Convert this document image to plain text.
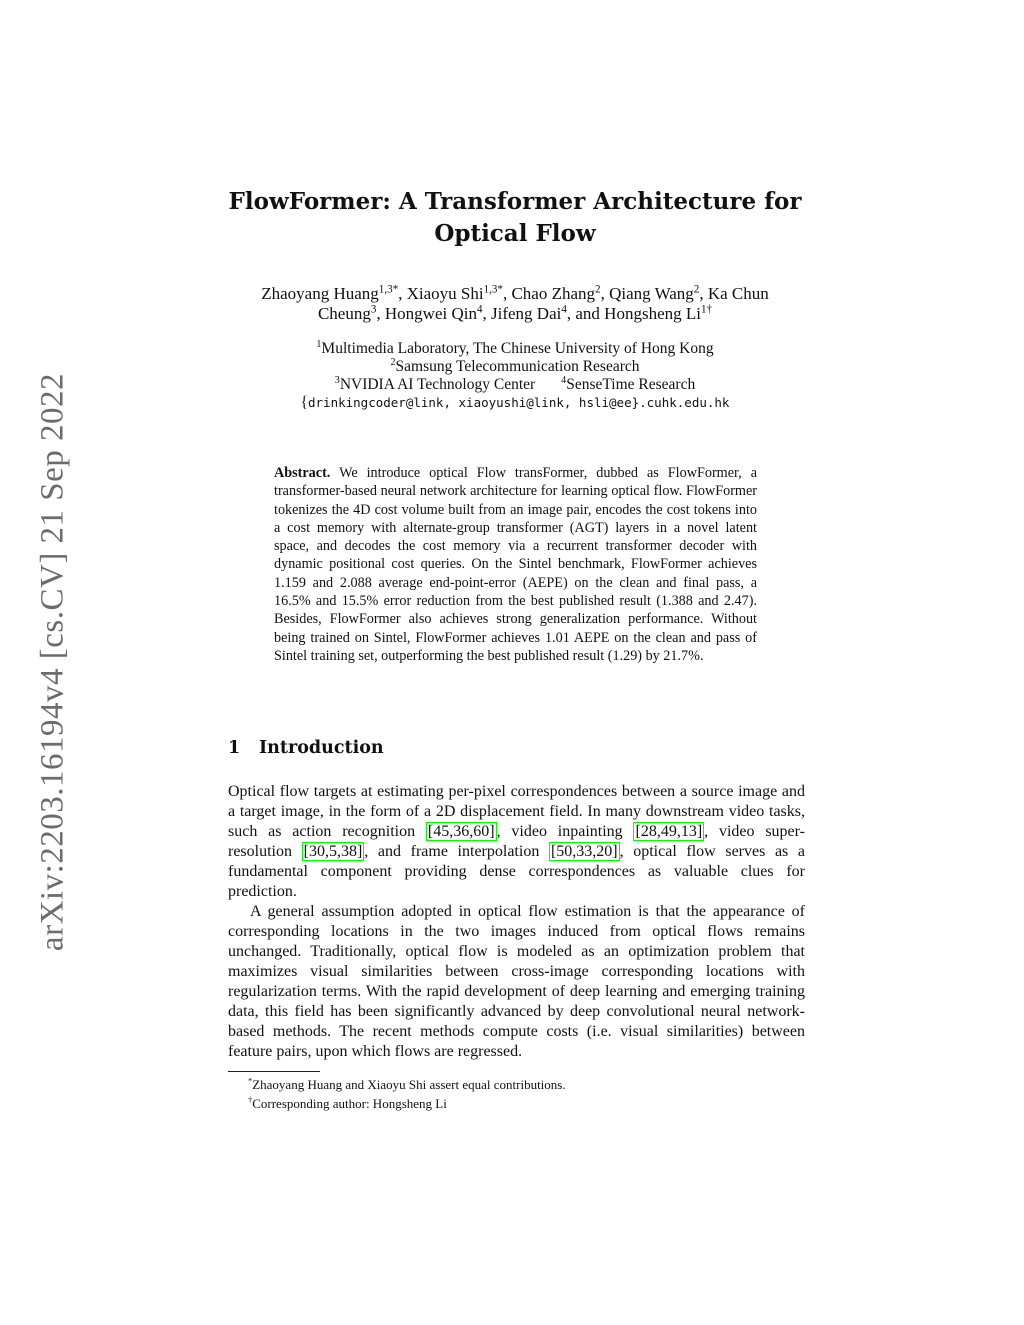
arXiv:2203.16194v4 [cs.CV] 21 Sep 2022
FlowFormer: A Transformer Architecture for
Optical Flow
Zhaoyang Huang$^{1,3*}$, Xiaoyu Shi$^{1,3*}$, Chao Zhang$^2$, Qiang Wang$^2$, Ka Chun
Cheung$^3$, Hongwei Qin$^4$, Jifeng Dai$^4$, and Hongsheng $Li^{1\dagger}$
$^1$Multimedia Laboratory, The Chinese University of Hong Kong
$^2$Samsung Telecommunication Research
$^3$NVIDIA AI Technology Center	$^4$SenseTime Research
{drinkingcoder@link, xiaoyushi@link, hsli@ee}.cuhk.edu.hk
Abstract. We introduce optical Flow transFormer, dubbed as FlowFormer, a transformer-based neural network architecture for learning optical flow. FlowFormer tokenizes the 4D cost volume built from an image pair, encodes the cost tokens into a cost memory with alternate-group transformer (AGT) layers in a novel latent space, and decodes the cost memory via a recurrent transformer decoder with dynamic positional cost queries. On the Sintel benchmark, FlowFormer achieves 1.159 and 2.088 average end-point-error (AEPE) on the clean and final pass, a 16.5% and 15.5% error reduction from the best published result (1.388 and 2.47). Besides, FlowFormer also achieves strong generalization performance. Without being trained on Sintel, FlowFormer achieves 1.01 AEPE on the clean and pass of Sintel training set, outperforming the best published result (1.29) by 21.7%.
1 Introduction

Optical flow targets at estimating per-pixel correspondences between a source image and a target image, in the form of a 2D displacement field. In many downstream video tasks, such as action recognition [45,36,60] , video inpainting [28,49,13] , video super-resolution [30,5,38] , and frame interpolation [50,33,20] , optical flow serves as a fundamental component providing dense correspondences as valuable clues for prediction.

A general assumption adopted in optical flow estimation is that the appearance of corresponding locations in the two images induced from optical flows remains unchanged. Traditionally, optical flow is modeled as an optimization problem that maximizes visual similarities between cross-image corresponding locations with regularization terms. With the rapid development of deep learning and emerging training data, this field has been significantly advanced by deep convolutional neural network-based methods. The recent methods compute costs (i.e. visual similarities) between feature pairs, upon which flows are regressed.

*Zhaoyang Huang and Xiaoyu Shi assert equal contributions.
†Corresponding author: Hongsheng Li
